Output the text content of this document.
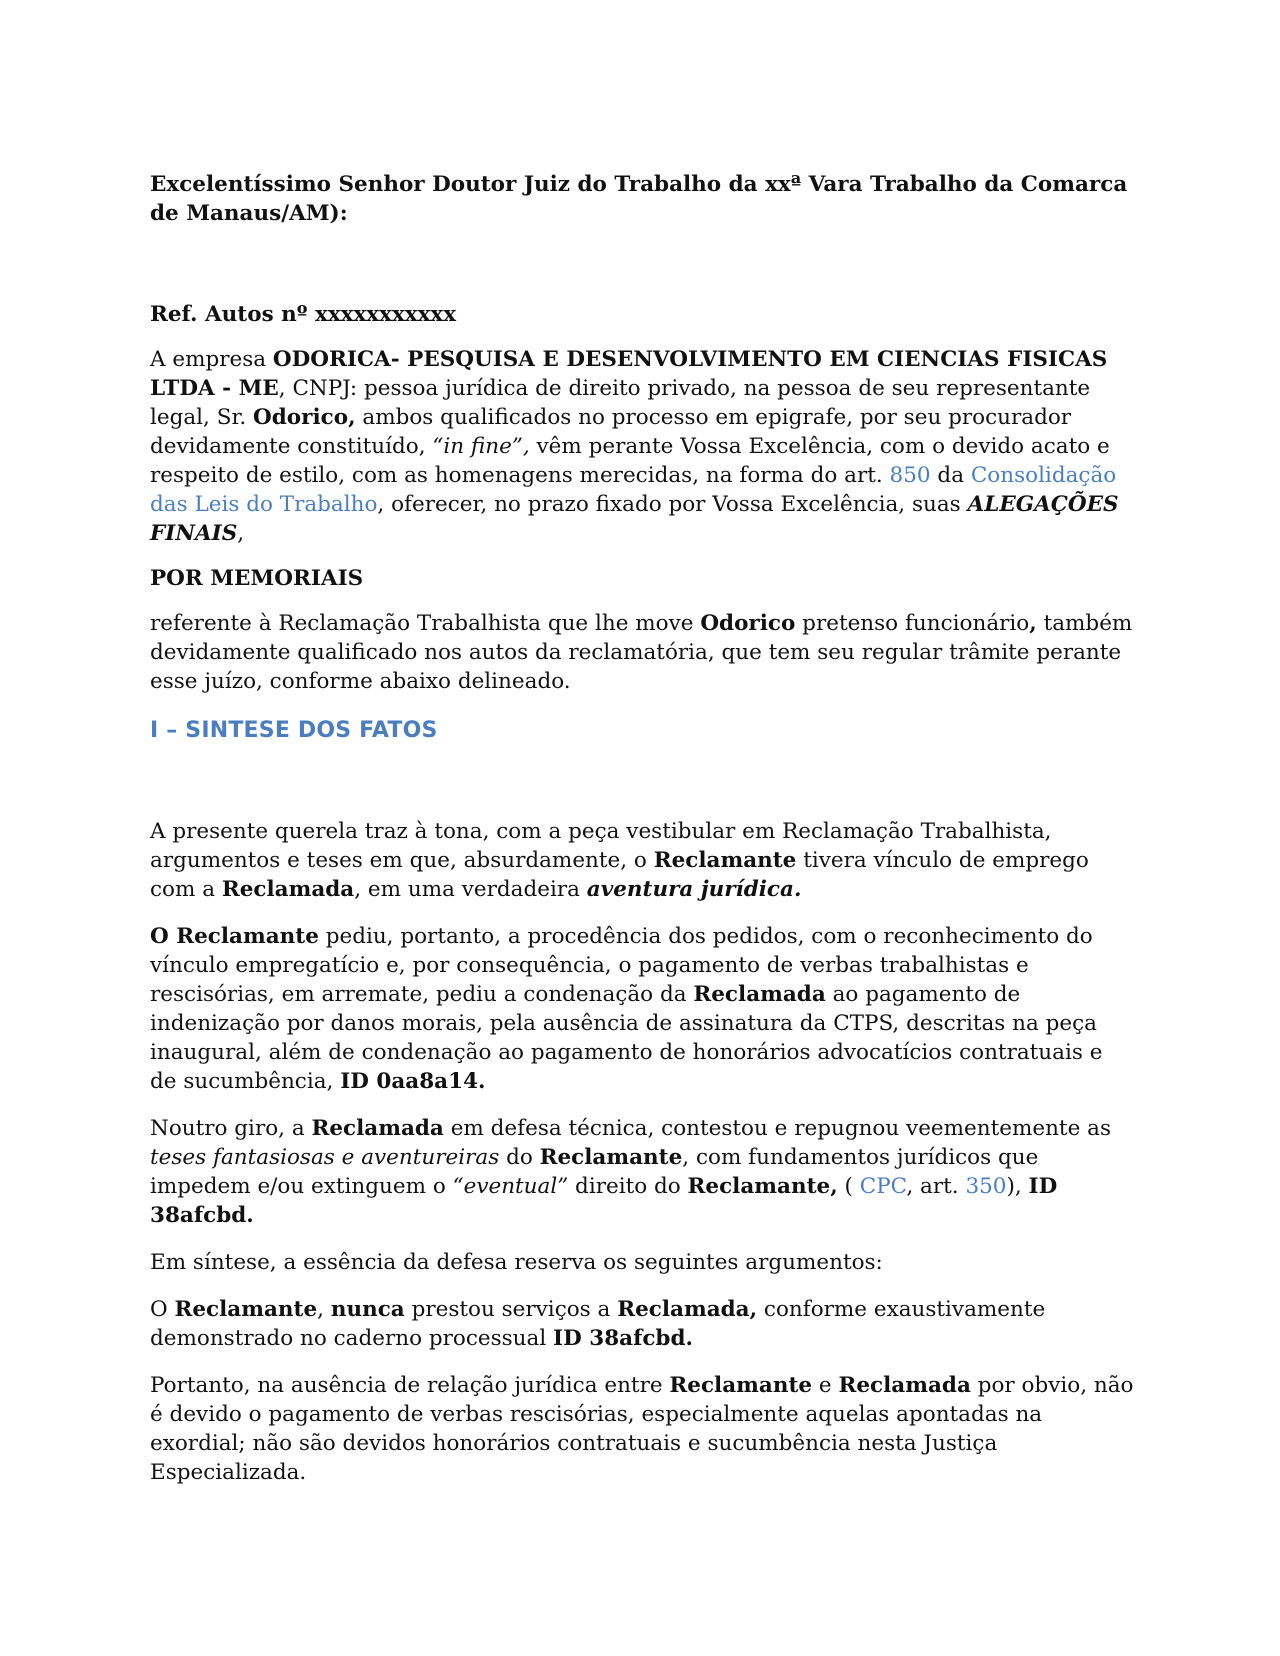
Excelentíssimo Senhor Doutor Juiz do Trabalho da xxª Vara Trabalho da Comarca de Manaus/AM):

Ref. Autos nº xxxxxxxxxxx

A empresa ODORICA- PESQUISA E DESENVOLVIMENTO EM CIENCIAS FISICAS LTDA - ME, CNPJ: pessoa jurídica de direito privado, na pessoa de seu representante legal, Sr. Odorico, ambos qualificados no processo em epigrafe, por seu procurador devidamente constituído, “in fine”, vêm perante Vossa Excelência, com o devido acato e respeito de estilo, com as homenagens merecidas, na forma do art. 850 da Consolidação das Leis do Trabalho, oferecer, no prazo fixado por Vossa Excelência, suas ALEGAÇÕES FINAIS,

POR MEMORIAIS

referente à Reclamação Trabalhista que lhe move Odorico pretenso funcionário, também devidamente qualificado nos autos da reclamatória, que tem seu regular trâmite perante esse juízo, conforme abaixo delineado.

I – SINTESE DOS FATOS

A presente querela traz à tona, com a peça vestibular em Reclamação Trabalhista, argumentos e teses em que, absurdamente, o Reclamante tivera vínculo de emprego com a Reclamada, em uma verdadeira aventura jurídica.

O Reclamante pediu, portanto, a procedência dos pedidos, com o reconhecimento do vínculo empregatício e, por consequência, o pagamento de verbas trabalhistas e rescisórias, em arremate, pediu a condenação da Reclamada ao pagamento de indenização por danos morais, pela ausência de assinatura da CTPS, descritas na peça inaugural, além de condenação ao pagamento de honorários advocatícios contratuais e de sucumbência, ID 0aa8a14.

Noutro giro, a Reclamada em defesa técnica, contestou e repugnou veementemente as teses fantasiosas e aventureiras do Reclamante, com fundamentos jurídicos que impedem e/ou extinguem o “eventual” direito do Reclamante, ( CPC, art. 350), ID 38afcbd.

Em síntese, a essência da defesa reserva os seguintes argumentos:

O Reclamante, nunca prestou serviços a Reclamada, conforme exaustivamente demonstrado no caderno processual ID 38afcbd.

Portanto, na ausência de relação jurídica entre Reclamante e Reclamada por obvio, não é devido o pagamento de verbas rescisórias, especialmente aquelas apontadas na exordial; não são devidos honorários contratuais e sucumbência nesta Justiça Especializada.
